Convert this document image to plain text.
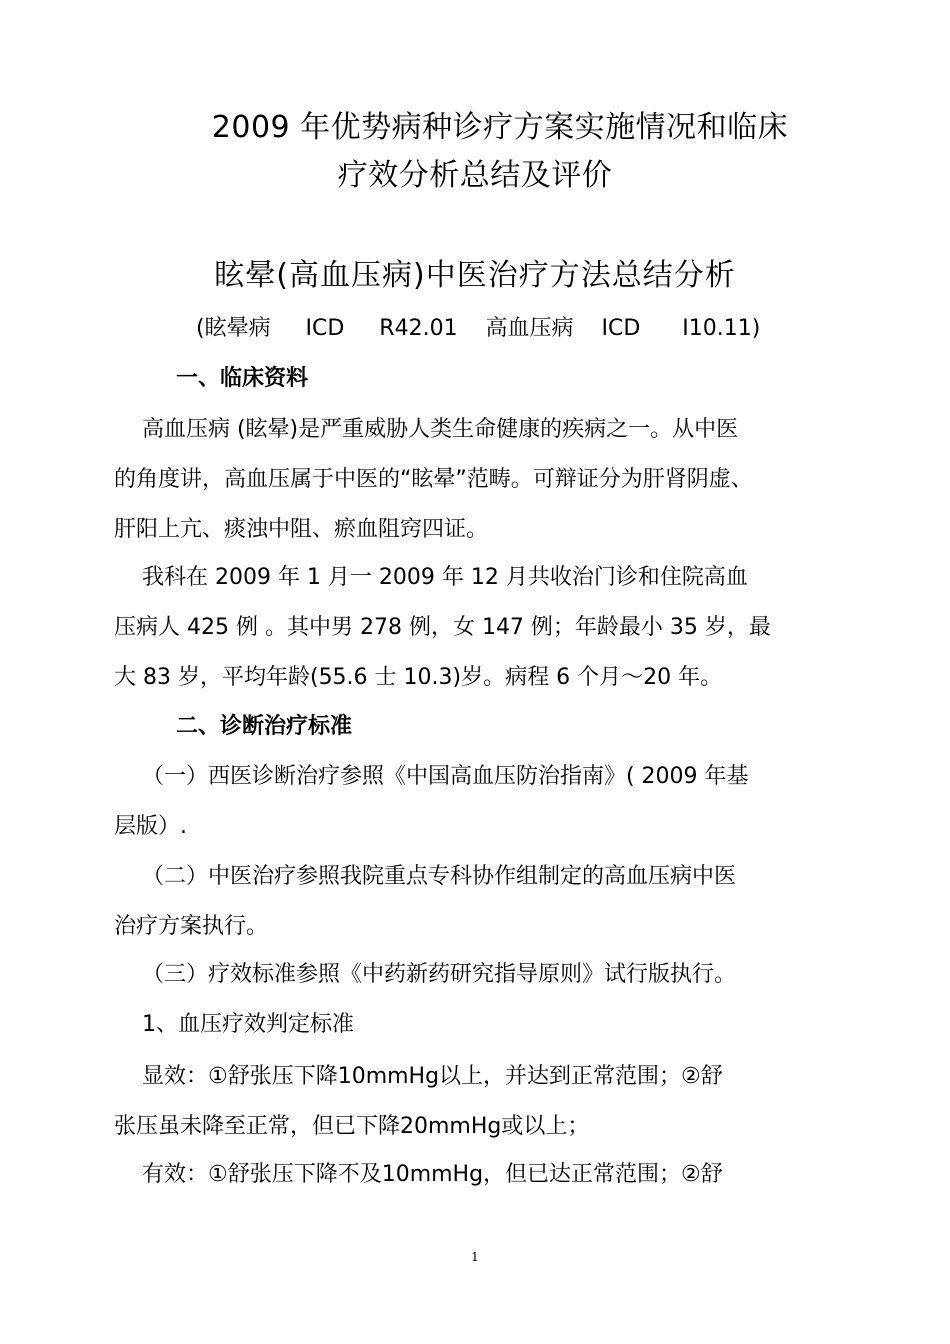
2009 年优势病种诊疗方案实施情况和临床
疗效分析总结及评价
眩晕(高血压病)中医治疗方法总结分析
(眩晕病     ICD     R42.01    高血压病    ICD      I10.11)
一、临床资料
高血压病 (眩晕)是严重威胁人类生命健康的疾病之一。从中医
的角度讲，高血压属于中医的“眩晕”范畴。可辩证分为肝肾阴虚、
肝阳上亢、痰浊中阻、瘀血阻窍四证。
我科在 2009 年 1 月一 2009 年 12 月共收治门诊和住院高血
压病人 425 例 。其中男 278 例，女 147 例；年龄最小 35 岁，最
大 83 岁，平均年龄(55.6 士 10.3)岁。病程 6 个月～20 年。
二、诊断治疗标准
（一）西医诊断治疗参照《中国高血压防治指南》( 2009 年基
层版）.
（二）中医治疗参照我院重点专科协作组制定的高血压病中医
治疗方案执行。
（三）疗效标准参照《中药新药研究指导原则》试行版执行。
1、血压疗效判定标准
显效：①舒张压下降10mmHg以上，并达到正常范围；②舒
张压虽未降至正常，但已下降20mmHg或以上；
有效：①舒张压下降不及10mmHg，但已达正常范围；②舒
1
